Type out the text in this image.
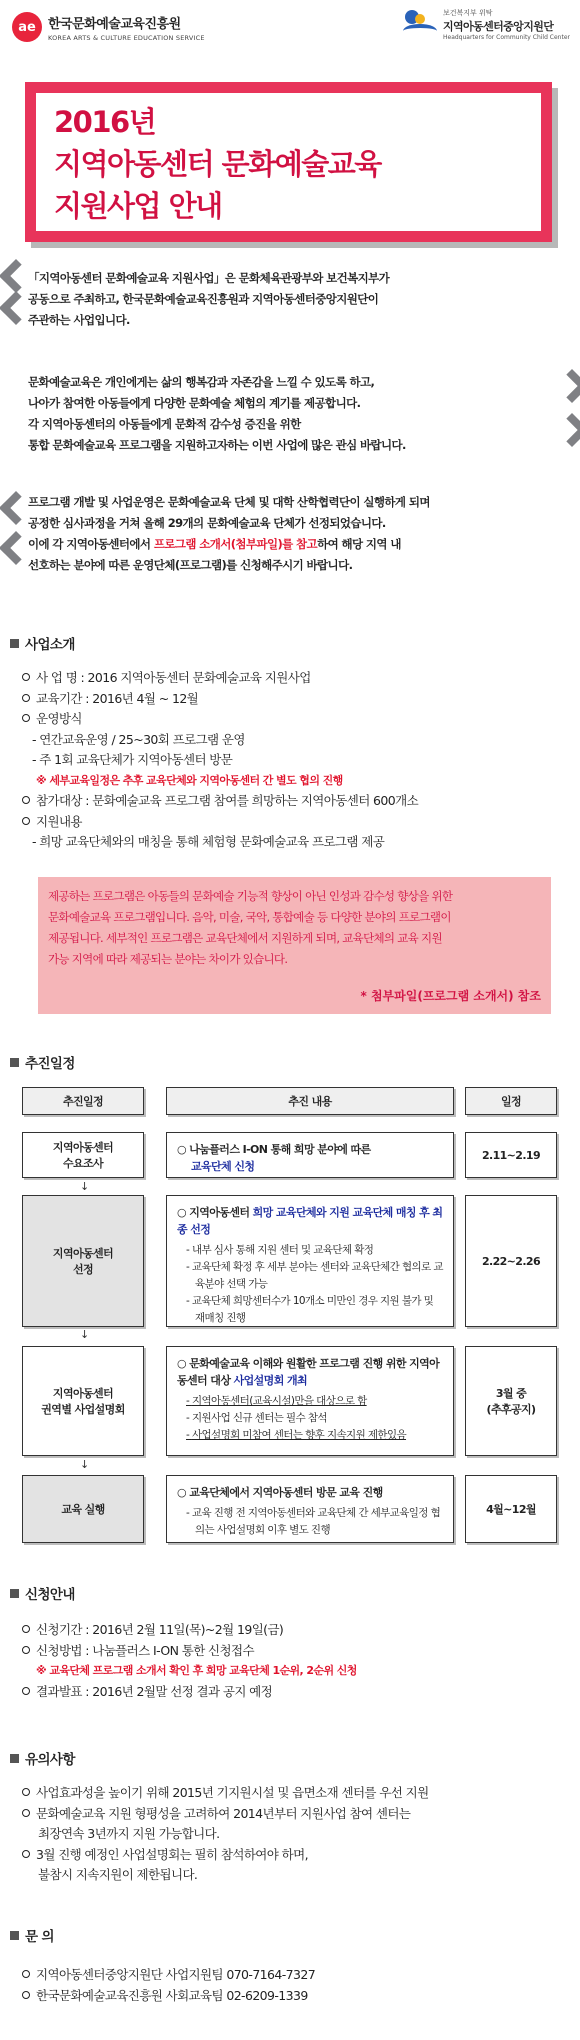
ae 한국문화예술교육진흥원
KOREA ARTS & CULTURE EDUCATION SERVICE
보건복지부 위탁
지역아동센터중앙지원단
Headquarters for Community Child Center
2016년
지역아동센터 문화예술교육
지원사업 안내
「지역아동센터 문화예술교육 지원사업」은 문화체육관광부와 보건복지부가
공동으로 주최하고, 한국문화예술교육진흥원과 지역아동센터중앙지원단이
주관하는 사업입니다.
문화예술교육은 개인에게는 삶의 행복감과 자존감을 느낄 수 있도록 하고,
나아가 참여한 아동들에게 다양한 문화예술 체험의 계기를 제공합니다.
각 지역아동센터의 아동들에게 문화적 감수성 증진을 위한
통합 문화예술교육 프로그램을 지원하고자하는 이번 사업에 많은 관심 바랍니다.
프로그램 개발 및 사업운영은 문화예술교육 단체 및 대학 산학협력단이 실행하게 되며
공정한 심사과정을 거쳐 올해 29개의 문화예술교육 단체가 선정되었습니다.
이에 각 지역아동센터에서 프로그램 소개서(첨부파일)를 참고하여 해당 지역 내
선호하는 분야에 따른 운영단체(프로그램)를 신청해주시기 바랍니다.
사업소개
사 업 명 : 2016 지역아동센터 문화예술교육 지원사업
교육기간 : 2016년 4월 ~ 12월
운영방식
- 연간교육운영 / 25~30회 프로그램 운영
- 주 1회 교육단체가 지역아동센터 방문
※ 세부교육일정은 추후 교육단체와 지역아동센터 간 별도 협의 진행
참가대상 : 문화예술교육 프로그램 참여를 희망하는 지역아동센터 600개소
지원내용
- 희망 교육단체와의 매칭을 통해 체험형 문화예술교육 프로그램 제공

제공하는 프로그램은 아동들의 문화예술 기능적 향상이 아닌 인성과 감수성 향상을 위한

문화예술교육 프로그램입니다. 음악, 미술, 국악, 통합예술 등 다양한 분야의 프로그램이

제공됩니다. 세부적인 프로그램은 교육단체에서 지원하게 되며, 교육단체의 교육 지원

가능 지역에 따라 제공되는 분야는 차이가 있습니다.

* 첨부파일(프로그램 소개서) 참조
추진일정
추진일정	추진 내용	일정
지역아동센터
수요조사
○ 나눔플러스 I-ON 통해 희망 분야에 따른
교육단체 신청
2.11~2.19
↓
지역아동센터
선정
○ 지역아동센터 희망 교육단체와 지원 교육단체 매칭 후 최종 선정
- 내부 심사 통해 지원 센터 및 교육단체 확정
- 교육단체 확정 후 세부 분야는 센터와 교육단체간 협의로 교육분야 선택 가능
- 교육단체 희망센터수가 10개소 미만인 경우 지원 불가 및 재매칭 진행
2.22~2.26
↓
지역아동센터
권역별 사업설명회
○ 문화예술교육 이해와 원활한 프로그램 진행 위한 지역아동센터 대상 사업설명회 개최
- 지역아동센터(교육시설)만을 대상으로 함
- 지원사업 신규 센터는 필수 참석
- 사업설명회 미참여 센터는 향후 지속지원 제한있음
3월 중
(추후공지)
↓
교육 실행
○ 교육단체에서 지역아동센터 방문 교육 진행
- 교육 진행 전 지역아동센터와 교육단체 간 세부교육일정 협의는 사업설명회 이후 별도 진행
4월~12월
신청안내
신청기간 : 2016년 2월 11일(목)~2월 19일(금)
신청방법 : 나눔플러스 I-ON 통한 신청접수
※ 교육단체 프로그램 소개서 확인 후 희망 교육단체 1순위, 2순위 신청
결과발표 : 2016년 2월말 선정 결과 공지 예정
유의사항
사업효과성을 높이기 위해 2015년 기지원시설 및 읍면소재 센터를 우선 지원
문화예술교육 지원 형평성을 고려하여 2014년부터 지원사업 참여 센터는
최장연속 3년까지 지원 가능합니다.
3월 진행 예정인 사업설명회는 필히 참석하여야 하며,
불참시 지속지원이 제한됩니다.
문 의
지역아동센터중앙지원단 사업지원팀 070-7164-7327
한국문화예술교육진흥원 사회교육팀 02-6209-1339
